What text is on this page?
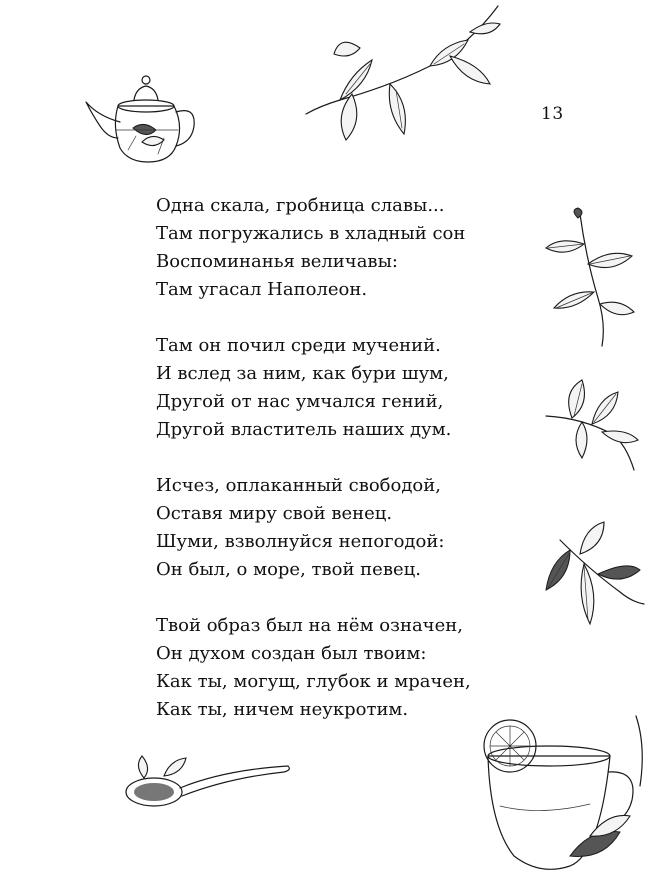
13
Одна скала, гробница славы...
Там погружались в хладный сон
Воспоминанья величавы:
Там угасал Наполеон.
Там он почил среди мучений.
И вслед за ним, как бури шум,
Другой от нас умчался гений,
Другой властитель наших дум.
Исчез, оплаканный свободой,
Оставя миру свой венец.
Шуми, взволнуйся непогодой:
Он был, о море, твой певец.
Твой образ был на нём означен,
Он духом создан был твоим:
Как ты, могущ, глубок и мрачен,
Как ты, ничем неукротим.
